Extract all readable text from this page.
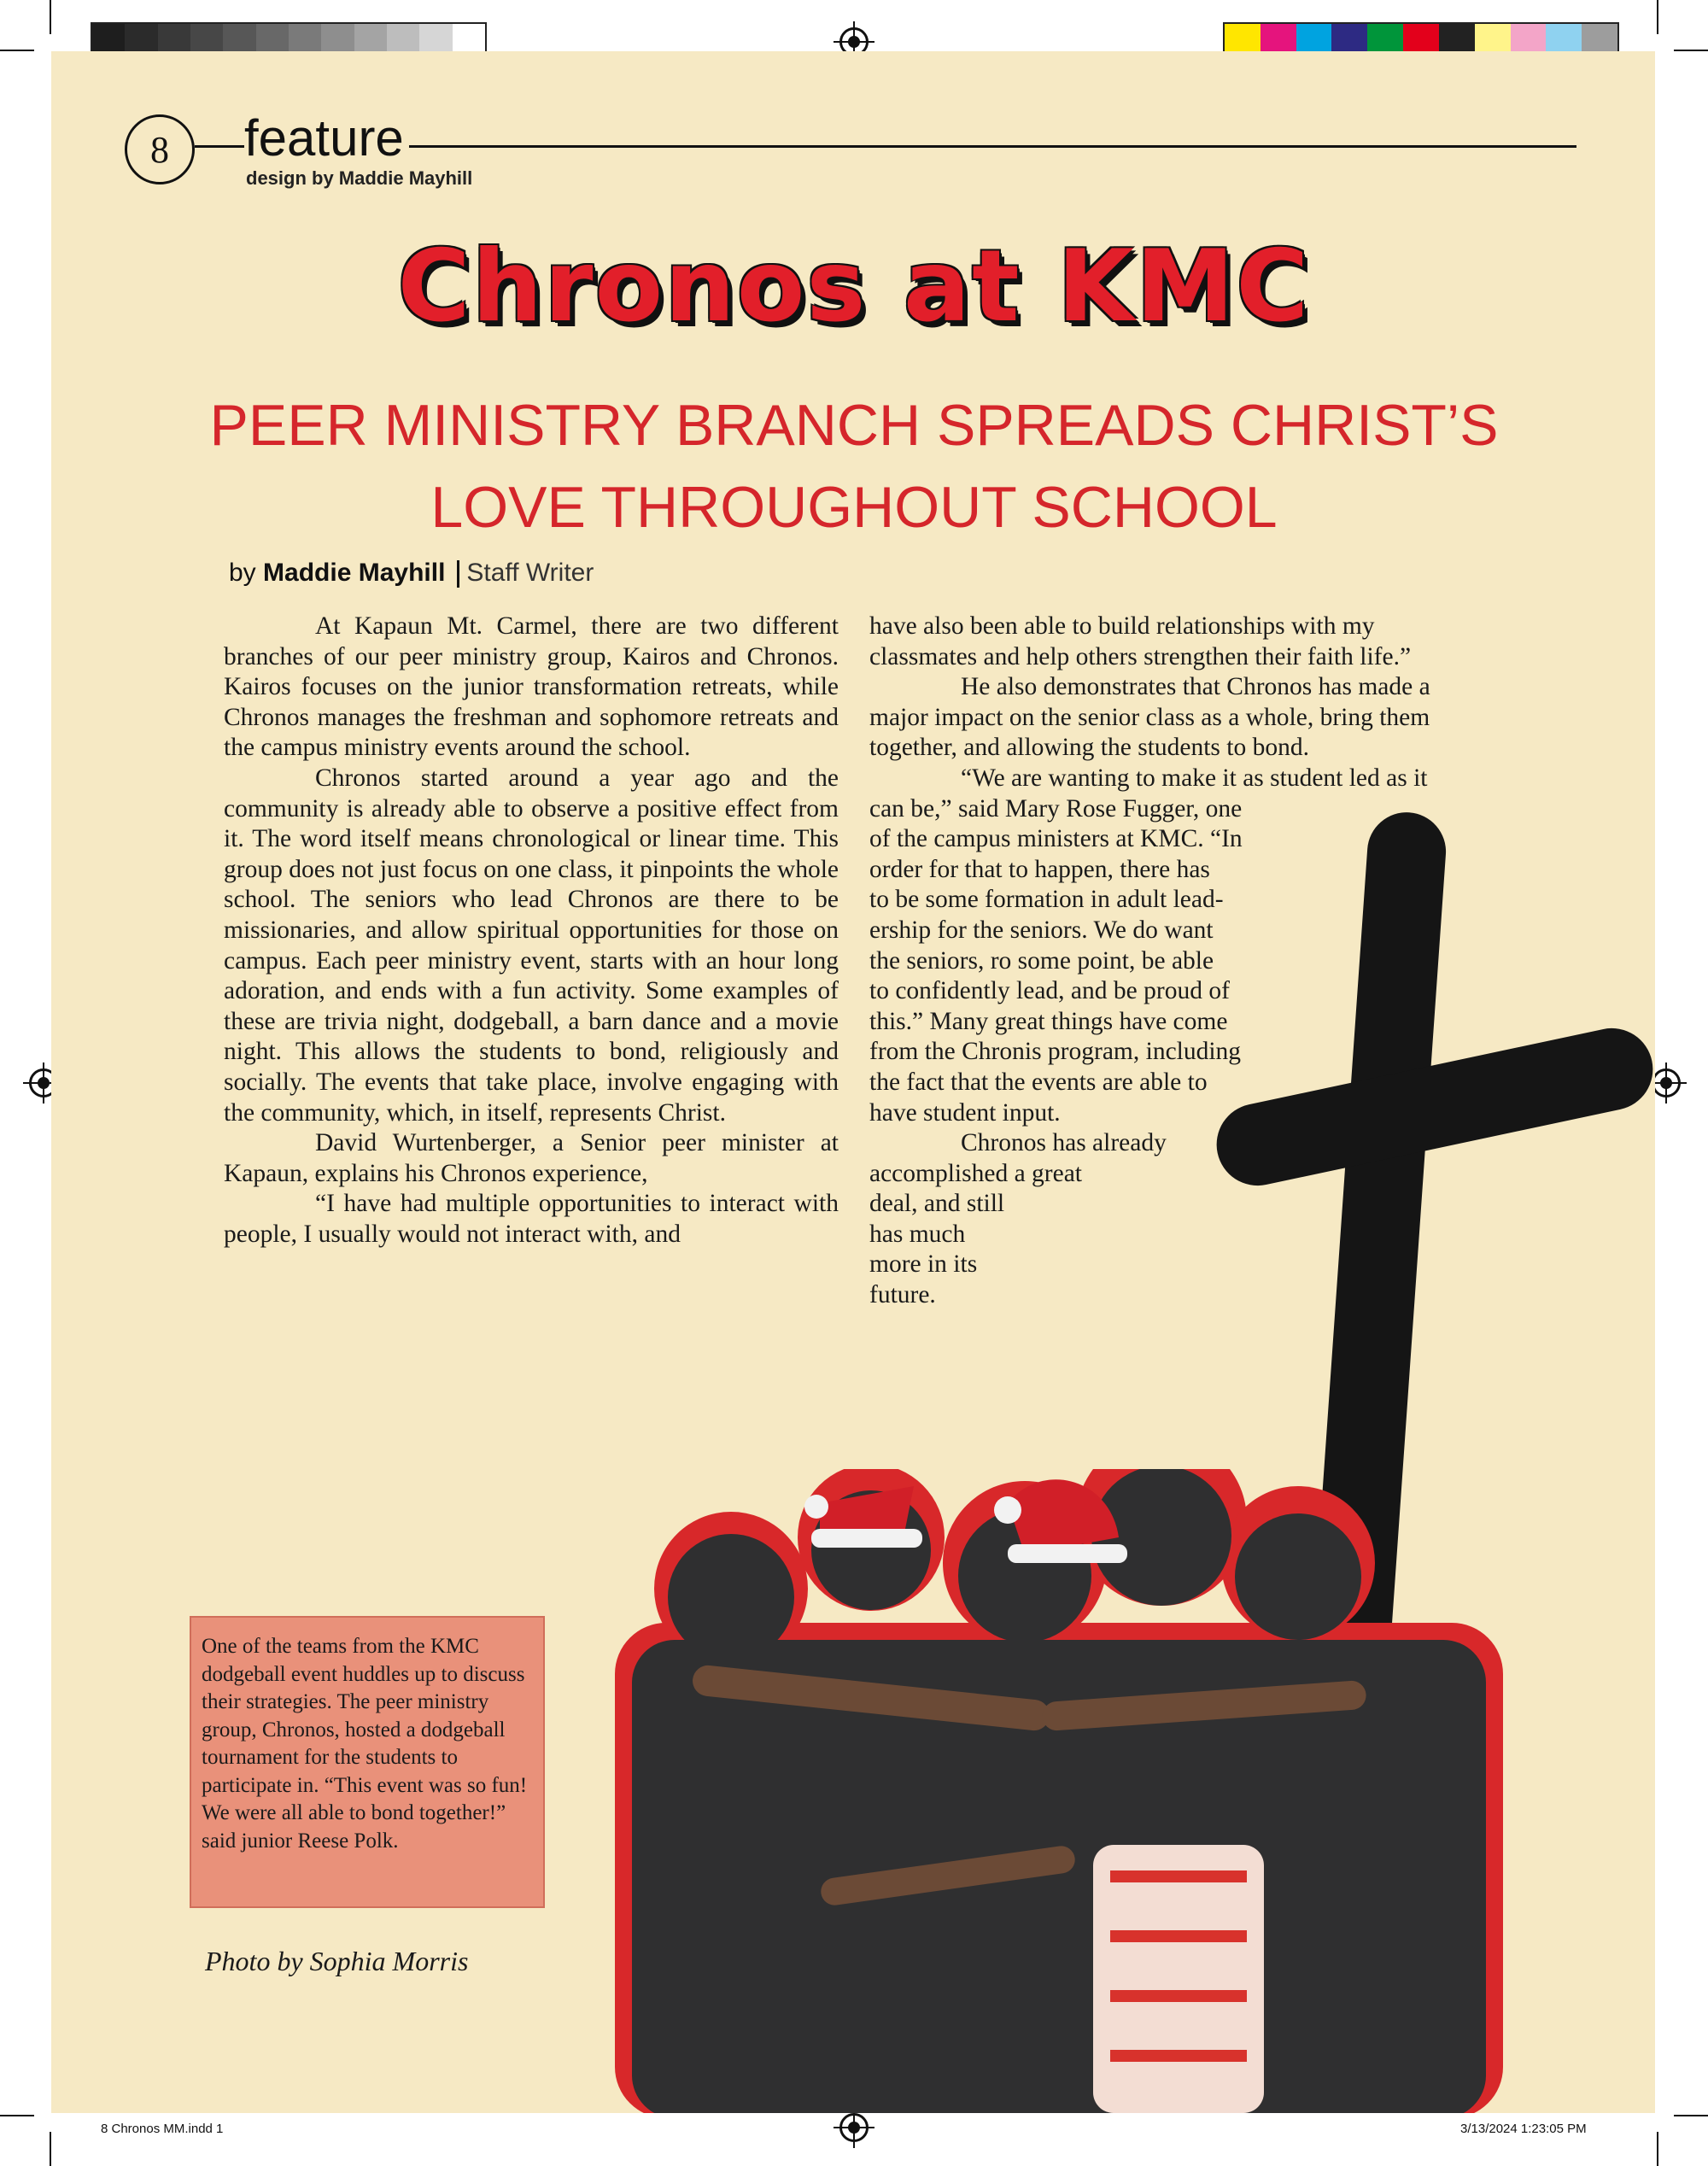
8	feature
design by Maddie Mayhill
Chronos at KMC
PEER MINISTRY BRANCH SPREADS CHRIST’S LOVE THROUGHOUT SCHOOL
by Maddie Mayhill Staff Writer

At Kapaun Mt. Carmel, there are two different branches of our peer ministry group, Kairos and Chronos. Kairos focuses on the junior transformation retreats, while Chronos manages the freshman and sophomore retreats and the campus ministry events around the school.

Chronos started around a year ago and the community is already able to observe a positive effect from it. The word itself means chronological or linear time. This group does not just focus on one class, it pinpoints the whole school. The seniors who lead Chronos are there to be missionaries, and allow spiritual opportunities for those on campus. Each peer ministry event, starts with an hour long adoration, and ends with a fun activity. Some examples of these are trivia night, dodgeball, a barn dance and a movie night. This allows the students to bond, religiously and socially. The events that take place, involve engaging with the community, which, in itself, represents Christ.

David Wurtenberger, a Senior peer minister at Kapaun, explains his Chronos experience,

“I have had multiple opportunities to interact with people, I usually would not interact with, and

have also been able to build relationships with my classmates and help others strengthen their faith life.”

He also demonstrates that Chronos has made a major impact on the senior class as a whole, bring them together, and allowing the students to bond.

“We are wanting to make it as student led as it

can be,” said Mary Rose Fugger, one
of the campus ministers at KMC. “In
order for that to happen, there has
to be some formation in adult lead-
ership for the seniors. We do want
the seniors, ro some point, be able
to confidently lead, and be proud of
this.” Many great things have come
from the Chronis program, including
the fact that the events are able to
have student input.
Chronos has already
accomplished a great
deal, and still
has much
more in its
future.
One of the teams from the KMC dodgeball event huddles up to discuss their strategies. The peer ministry group, Chronos, hosted a dodgeball tournament for the students to participate in. “This event was so fun! We were all able to bond together!” said junior Reese Polk.
Photo by Sophia Morris
8 Chronos MM.indd 1	3/13/2024 1:23:05 PM
